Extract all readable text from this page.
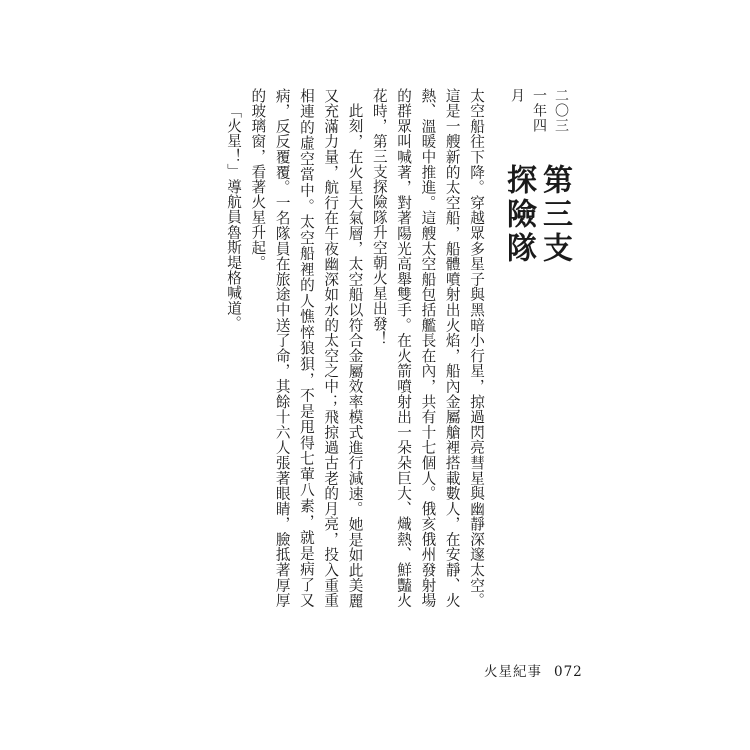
二〇三一年四月
第三支探險隊

太空船往下降。穿越眾多星子與黑暗小行星，掠過閃亮彗星與幽靜深邃太空。這是一艘新的太空船，船體噴射出火焰，船內金屬艙裡搭載數人，在安靜、火熱、溫暖中推進。這艘太空船包括艦長在內，共有十七個人。俄亥俄州發射場的群眾叫喊著，對著陽光高舉雙手。在火箭噴射出一朵朵巨大、熾熱、鮮豔火花時，第三支探險隊升空朝火星出發！

此刻，在火星大氣層，太空船以符合金屬效率模式進行減速。她是如此美麗又充滿力量，航行在午夜幽深如水的太空之中；飛掠過古老的月亮，投入重重相連的虛空當中。太空船裡的人憔悴狼狽，不是甩得七葷八素，就是病了又病，反反覆覆。一名隊員在旅途中送了命，其餘十六人張著眼睛，臉抵著厚厚的玻璃窗，看著火星升起。

「火星！」導航員魯斯堤格喊道。

火星紀事 072
